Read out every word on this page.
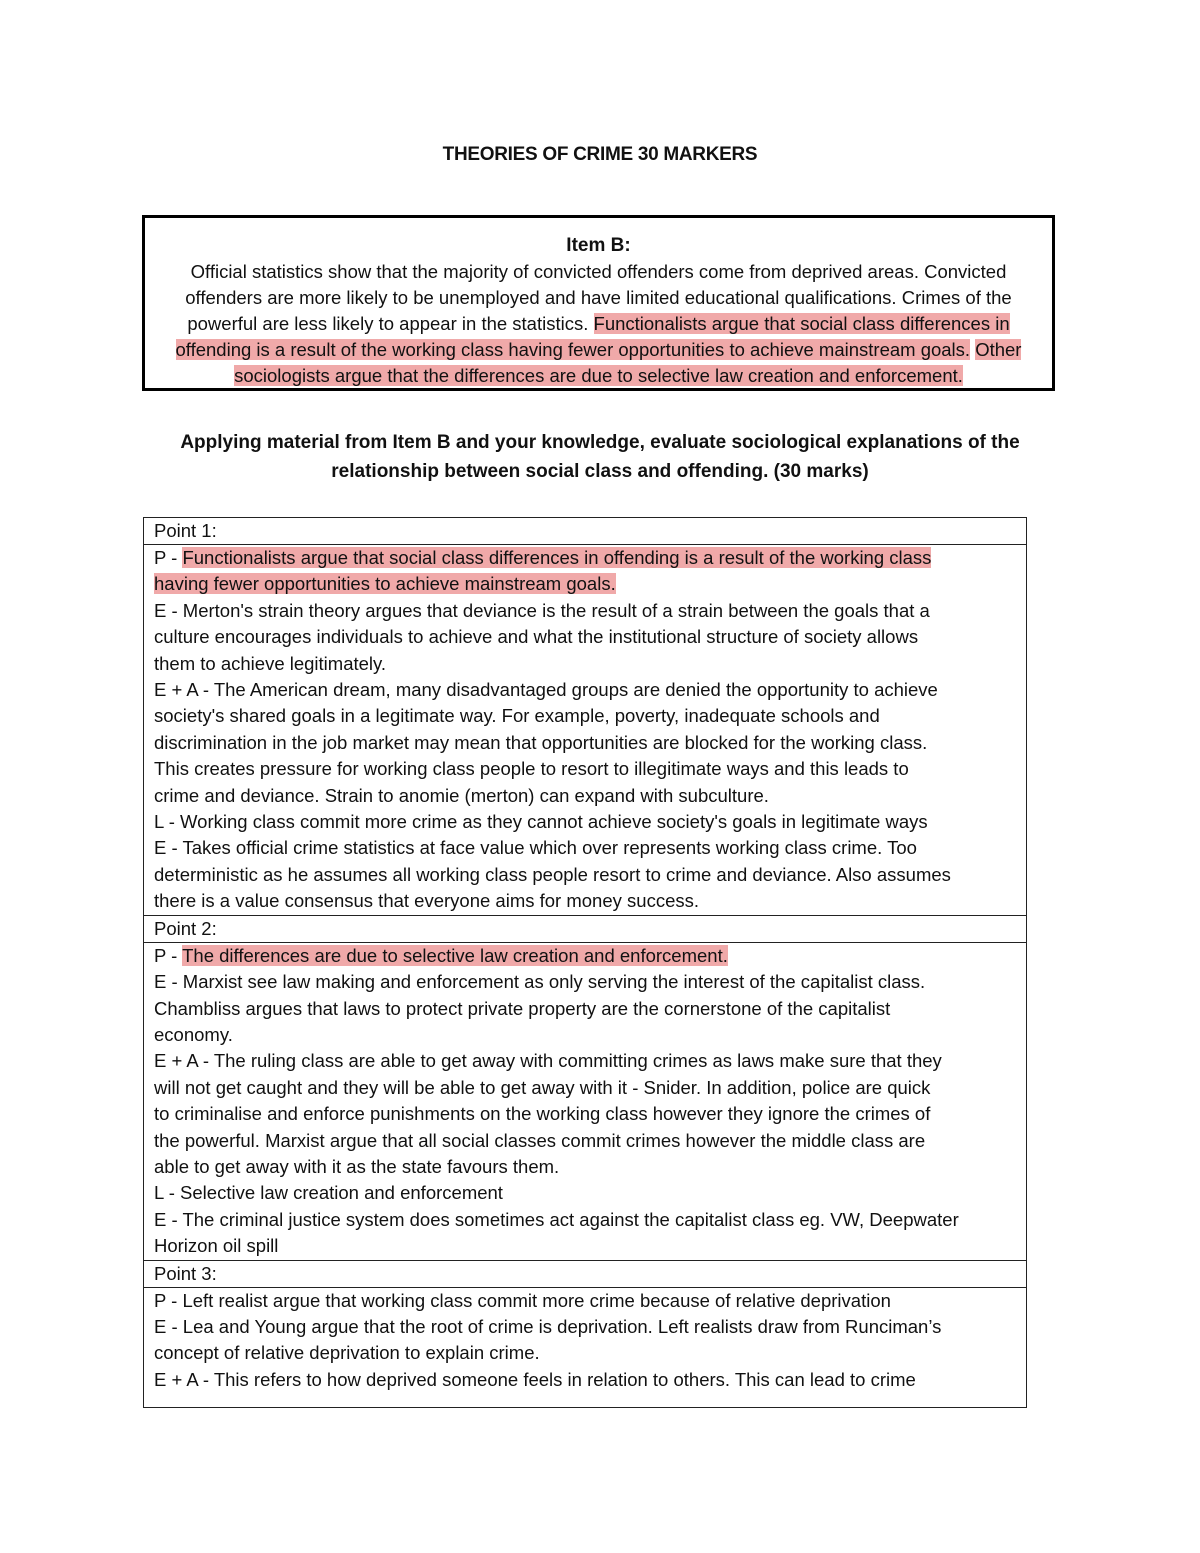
THEORIES OF CRIME 30 MARKERS
Item B:
Official statistics show that the majority of convicted offenders come from deprived areas. Convicted offenders are more likely to be unemployed and have limited educational qualifications. Crimes of the powerful are less likely to appear in the statistics. Functionalists argue that social class differences in offending is a result of the working class having fewer opportunities to achieve mainstream goals. Other sociologists argue that the differences are due to selective law creation and enforcement.
Applying material from Item B and your knowledge, evaluate sociological explanations of the
relationship between social class and offending. (30 marks)
Point 1:
P - Functionalists argue that social class differences in offending is a result of the working class
having fewer opportunities to achieve mainstream goals.
E - Merton's strain theory argues that deviance is the result of a strain between the goals that a
culture encourages individuals to achieve and what the institutional structure of society allows
them to achieve legitimately.
E + A - The American dream, many disadvantaged groups are denied the opportunity to achieve
society's shared goals in a legitimate way. For example, poverty, inadequate schools and
discrimination in the job market may mean that opportunities are blocked for the working class.
This creates pressure for working class people to resort to illegitimate ways and this leads to
crime and deviance. Strain to anomie (merton) can expand with subculture.
L - Working class commit more crime as they cannot achieve society's goals in legitimate ways
E - Takes official crime statistics at face value which over represents working class crime. Too
deterministic as he assumes all working class people resort to crime and deviance. Also assumes
there is a value consensus that everyone aims for money success.
Point 2:
P - The differences are due to selective law creation and enforcement.
E - Marxist see law making and enforcement as only serving the interest of the capitalist class.
Chambliss argues that laws to protect private property are the cornerstone of the capitalist
economy.
E + A - The ruling class are able to get away with committing crimes as laws make sure that they
will not get caught and they will be able to get away with it - Snider. In addition, police are quick
to criminalise and enforce punishments on the working class however they ignore the crimes of
the powerful. Marxist argue that all social classes commit crimes however the middle class are
able to get away with it as the state favours them.
L - Selective law creation and enforcement
E - The criminal justice system does sometimes act against the capitalist class eg. VW, Deepwater
Horizon oil spill
Point 3:
P - Left realist argue that working class commit more crime because of relative deprivation
E - Lea and Young argue that the root of crime is deprivation. Left realists draw from Runciman’s
concept of relative deprivation to explain crime.
E + A - This refers to how deprived someone feels in relation to others. This can lead to crime
